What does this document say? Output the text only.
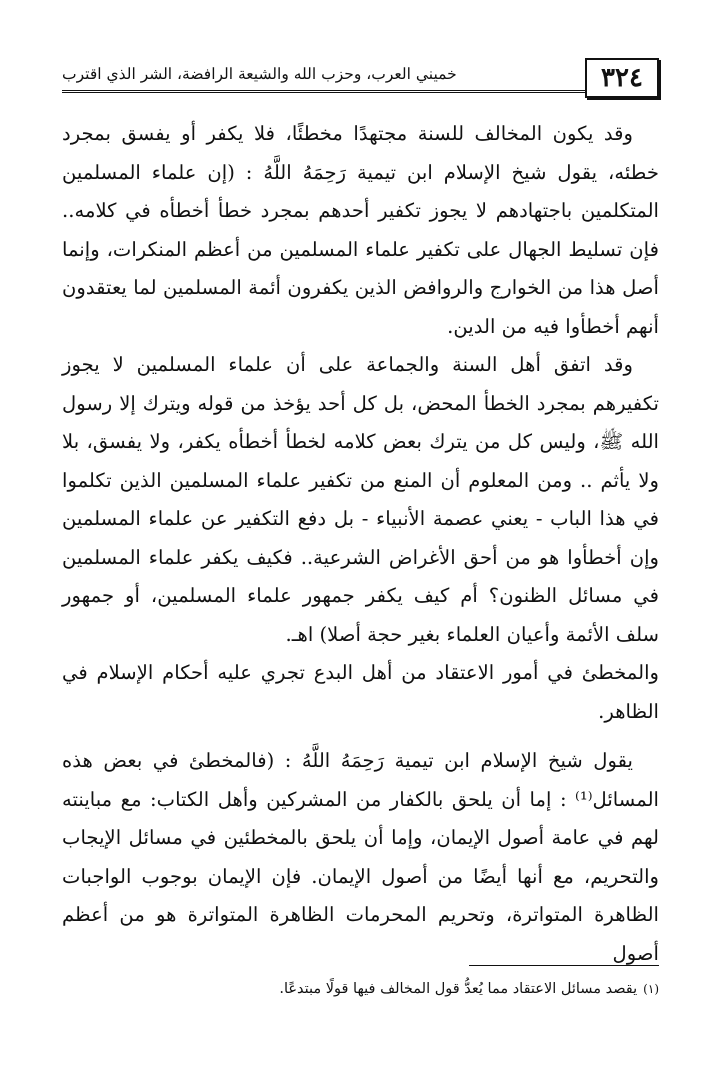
٣٢٤
خميني العرب، وحزب الله والشيعة الرافضة، الشر الذي اقترب

وقد يكون المخالف للسنة مجتهدًا مخطئًا، فلا يكفر أو يفسق بمجرد خطئه، يقول شيخ الإسلام ابن تيمية رَحِمَهُ اللَّهُ : (إن علماء المسلمين المتكلمين باجتهادهم لا يجوز تكفير أحدهم بمجرد خطأ أخطأه في كلامه.. فإن تسليط الجهال على تكفير علماء المسلمين من أعظم المنكرات، وإنما أصل هذا من الخوارج والروافض الذين يكفرون أئمة المسلمين لما يعتقدون أنهم أخطأوا فيه من الدين.

وقد اتفق أهل السنة والجماعة على أن علماء المسلمين لا يجوز تكفيرهم بمجرد الخطأ المحض، بل كل أحد يؤخذ من قوله ويترك إلا رسول الله ﷺ، وليس كل من يترك بعض كلامه لخطأ أخطأه يكفر، ولا يفسق، بلا ولا يأثم .. ومن المعلوم أن المنع من تكفير علماء المسلمين الذين تكلموا في هذا الباب - يعني عصمة الأنبياء - بل دفع التكفير عن علماء المسلمين وإن أخطأوا هو من أحق الأغراض الشرعية.. فكيف يكفر علماء المسلمين في مسائل الظنون؟ أم كيف يكفر جمهور علماء المسلمين، أو جمهور سلف الأئمة وأعيان العلماء بغير حجة أصلا) اهـ.

والمخطئ في أمور الاعتقاد من أهل البدع تجري عليه أحكام الإسلام في الظاهر.

يقول شيخ الإسلام ابن تيمية رَحِمَهُ اللَّهُ : (فالمخطئ في بعض هذه المسائل⁽¹⁾ : إما أن يلحق بالكفار من المشركين وأهل الكتاب: مع مباينته لهم في عامة أصول الإيمان، وإما أن يلحق بالمخطئين في مسائل الإيجاب والتحريم، مع أنها أيضًا من أصول الإيمان. فإن الإيمان بوجوب الواجبات الظاهرة المتواترة، وتحريم المحرمات الظاهرة المتواترة هو من أعظم أصول

(١)يقصد مسائل الاعتقاد مما يُعدُّ قول المخالف فيها قولًا مبتدعًا.
